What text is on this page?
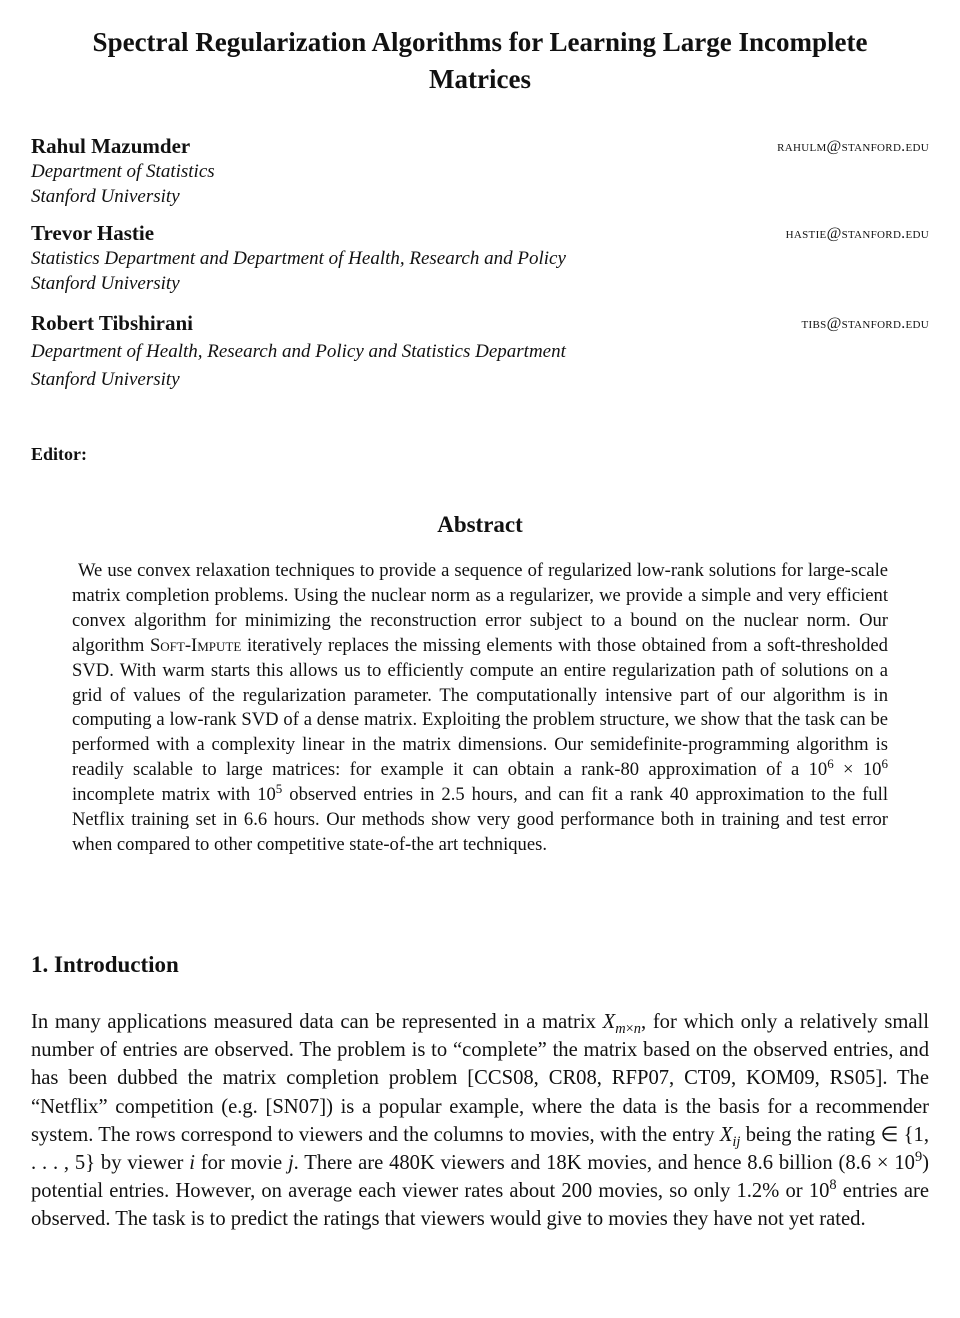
Spectral Regularization Algorithms for Learning Large Incomplete Matrices
Rahul Mazumder	rahulm@stanford.edu
Department of Statistics
Stanford University
Trevor Hastie	hastie@stanford.edu
Statistics Department and Department of Health, Research and Policy
Stanford University
Robert Tibshirani	tibs@stanford.edu
Department of Health, Research and Policy and Statistics Department
Stanford University
Editor:
Abstract
We use convex relaxation techniques to provide a sequence of regularized low-rank solutions for large-scale matrix completion problems. Using the nuclear norm as a regularizer, we provide a simple and very efficient convex algorithm for minimizing the reconstruction error subject to a bound on the nuclear norm. Our algorithm Soft-Impute iteratively replaces the missing elements with those obtained from a soft-thresholded SVD. With warm starts this allows us to efficiently compute an entire regularization path of solutions on a grid of values of the regularization parameter. The computationally intensive part of our algorithm is in computing a low-rank SVD of a dense matrix. Exploiting the problem structure, we show that the task can be performed with a complexity linear in the matrix dimensions. Our semidefinite-programming algorithm is readily scalable to large matrices: for example it can obtain a rank-80 approximation of a $10^6 \times 10^6$ incomplete matrix with $10^5$ observed entries in 2.5 hours, and can fit a rank 40 approximation to the full Netflix training set in 6.6 hours. Our methods show very good performance both in training and test error when compared to other competitive state-of-the art techniques.
1. Introduction
In many applications measured data can be represented in a matrix $X_{m\times n}$, for which only a relatively small number of entries are observed. The problem is to “complete” the matrix based on the observed entries, and has been dubbed the matrix completion problem [CCS08, CR08, RFP07, CT09, KOM09, RS05]. The “Netflix” competition (e.g. [SN07]) is a popular example, where the data is the basis for a recommender system. The rows correspond to viewers and the columns to movies, with the entry $X_{ij}$ being the rating ∈ {1, . . . , 5} by viewer i for movie j. There are 480K viewers and 18K movies, and hence 8.6 billion $(8.6 \times 10^9)$ potential entries. However, on average each viewer rates about 200 movies, so only 1.2% or $10^8$ entries are observed. The task is to predict the ratings that viewers would give to movies they have not yet rated.
